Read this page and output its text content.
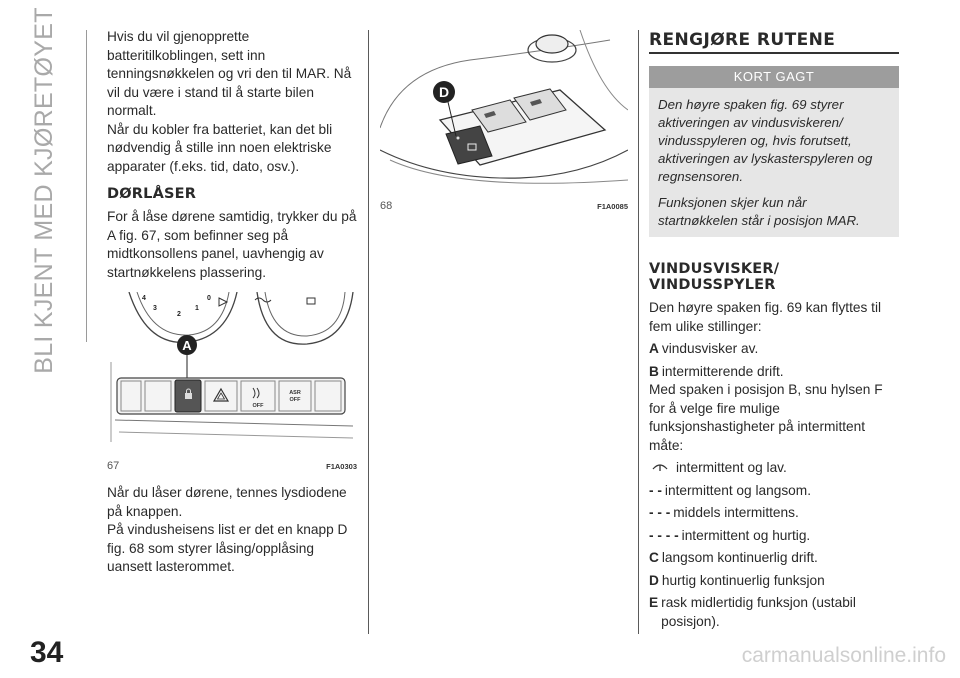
BLI KJENT MED KJØRETØYET
34	carmanualsonline.info

Hvis du vil gjenopprette batteritilkoblingen, sett inn tenningsnøkkelen og vri den til MAR. Nå vil du være i stand til å starte bilen normalt.

Når du kobler fra batteriet, kan det bli nødvendig å stille inn noen elektriske apparater (f.eks. tid, dato, osv.).

DØRLÅSER

For å låse dørene samtidig, trykker du på A fig. 67, som befinner seg på midtkonsollens panel, uavhengig av startnøkkelens plassering.

4	0
3
2
1
A
OFF
ASR
OFF
67	F1A0303

Når du låser dørene, tennes lysdiodene på knappen.

På vindusheisens list er det en knapp D fig. 68 som styrer låsing/opplåsing uansett lasterommet.

D
68	F1A0085
RENGJØRE RUTENE
KORT GAGT

Den høyre spaken fig. 69 styrer aktiveringen av vindusviskeren/ vindusspyleren og, hvis forutsett, aktiveringen av lyskasterspyleren og regnsensoren.

Funksjonen skjer kun når startnøkkelen står i posisjon MAR.

VINDUSVISKER/ VINDUSSPYLER

Den høyre spaken fig. 69 kan flyttes til fem ulike stillinger:

A vindusvisker av.
B intermitterende drift.

Med spaken i posisjon B, snu hylsen F for å velge fire mulige funksjonshastigheter på intermittent måte:

intermittent og lav.
- - intermittent og langsom.
- - - middels intermittens.
- - - - intermittent og hurtig.
C langsom kontinuerlig drift.
D hurtig kontinuerlig funksjon
E rask midlertidig funksjon (ustabil posisjon).
